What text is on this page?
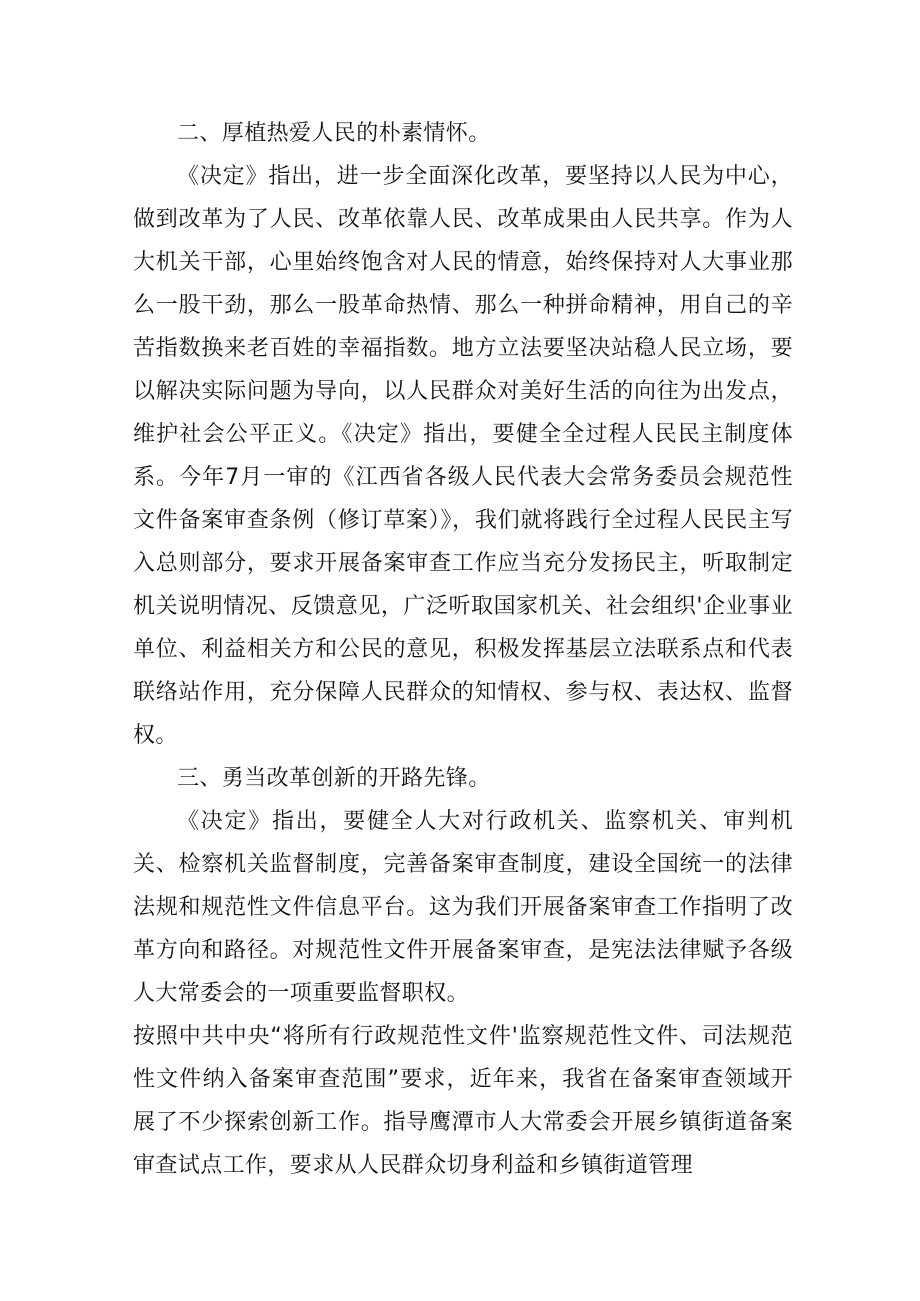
二、厚植热爱人民的朴素情怀。

《决定》指出，进一步全面深化改革，要坚持以人民为中心，做到改革为了人民、改革依靠人民、改革成果由人民共享。作为人大机关干部，心里始终饱含对人民的情意，始终保持对人大事业那么一股干劲，那么一股革命热情、那么一种拼命精神，用自己的辛苦指数换来老百姓的幸福指数。地方立法要坚决站稳人民立场，要以解决实际问题为导向，以人民群众对美好生活的向往为出发点，维护社会公平正义。《决定》指出，要健全全过程人民民主制度体系。今年7月一审的《江西省各级人民代表大会常务委员会规范性文件备案审查条例（修订草案）》，我们就将践行全过程人民民主写入总则部分，要求开展备案审查工作应当充分发扬民主，听取制定机关说明情况、反馈意见，广泛听取国家机关、社会组织'企业事业单位、利益相关方和公民的意见，积极发挥基层立法联系点和代表联络站作用，充分保障人民群众的知情权、参与权、表达权、监督权。

三、勇当改革创新的开路先锋。

《决定》指出，要健全人大对行政机关、监察机关、审判机关、检察机关监督制度，完善备案审查制度，建设全国统一的法律法规和规范性文件信息平台。这为我们开展备案审查工作指明了改革方向和路径。对规范性文件开展备案审查，是宪法法律赋予各级人大常委会的一项重要监督职权。

按照中共中央“将所有行政规范性文件'监察规范性文件、司法规范性文件纳入备案审查范围”要求，近年来，我省在备案审查领域开展了不少探索创新工作。指导鹰潭市人大常委会开展乡镇街道备案审查试点工作，要求从人民群众切身利益和乡镇街道管理
